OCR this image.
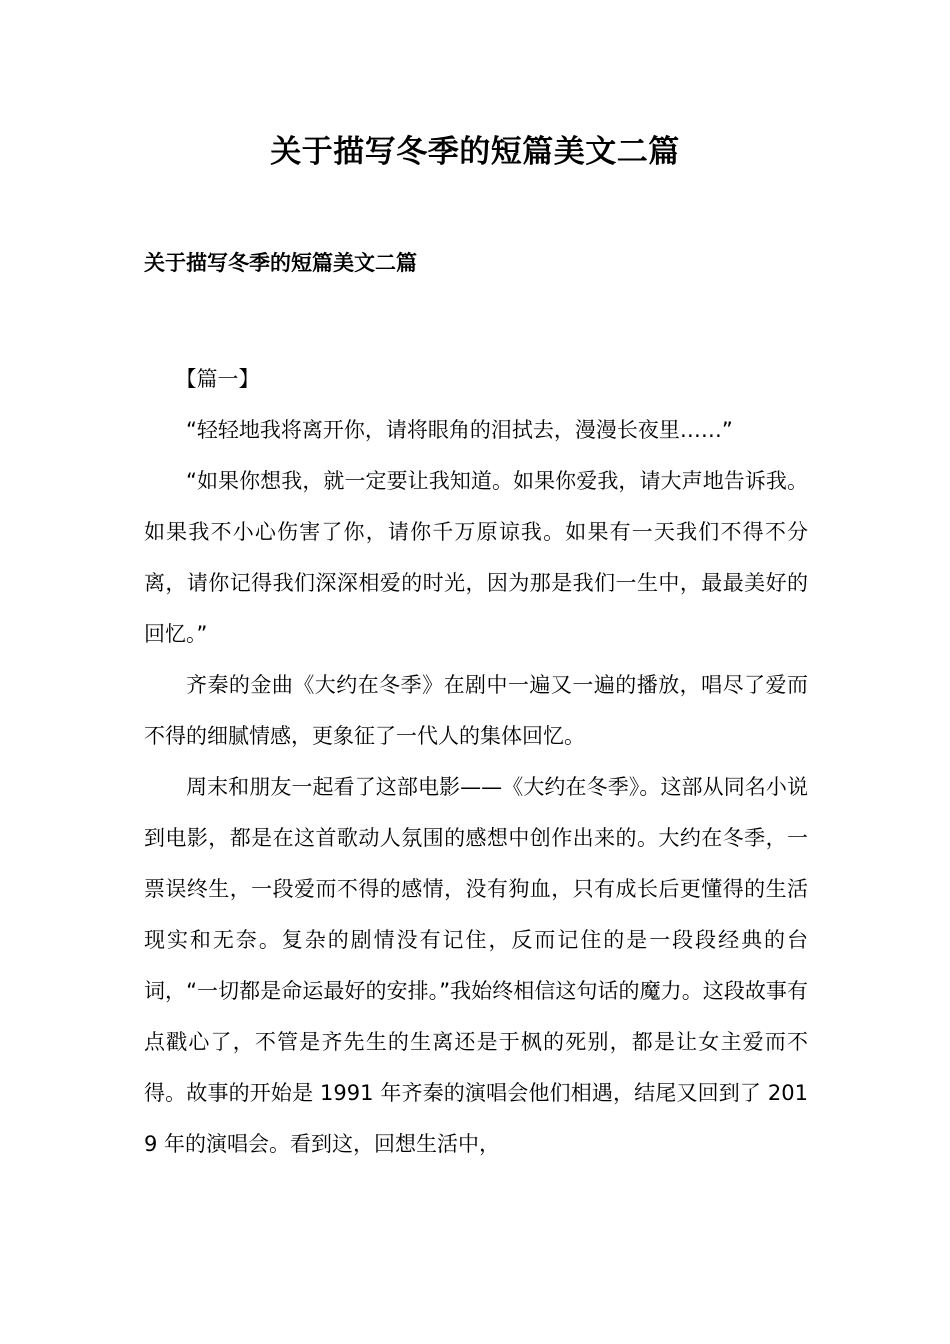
关于描写冬季的短篇美文二篇
关于描写冬季的短篇美文二篇

【篇一】

“轻轻地我将离开你，请将眼角的泪拭去，漫漫长夜里……”

“如果你想我，就一定要让我知道。如果你爱我，请大声地告诉我。如果我不小心伤害了你，请你千万原谅我。如果有一天我们不得不分离，请你记得我们深深相爱的时光，因为那是我们一生中，最最美好的回忆。”

齐秦的金曲《大约在冬季》在剧中一遍又一遍的播放，唱尽了爱而不得的细腻情感，更象征了一代人的集体回忆。

周末和朋友一起看了这部电影——《大约在冬季》。这部从同名小说到电影，都是在这首歌动人氛围的感想中创作出来的。大约在冬季，一票误终生，一段爱而不得的感情，没有狗血，只有成长后更懂得的生活现实和无奈。复杂的剧情没有记住，反而记住的是一段段经典的台词，“一切都是命运最好的安排。”我始终相信这句话的魔力。这段故事有点戳心了，不管是齐先生的生离还是于枫的死别，都是让女主爱而不得。故事的开始是 1991 年齐秦的演唱会他们相遇，结尾又回到了 2019 年的演唱会。看到这，回想生活中，
